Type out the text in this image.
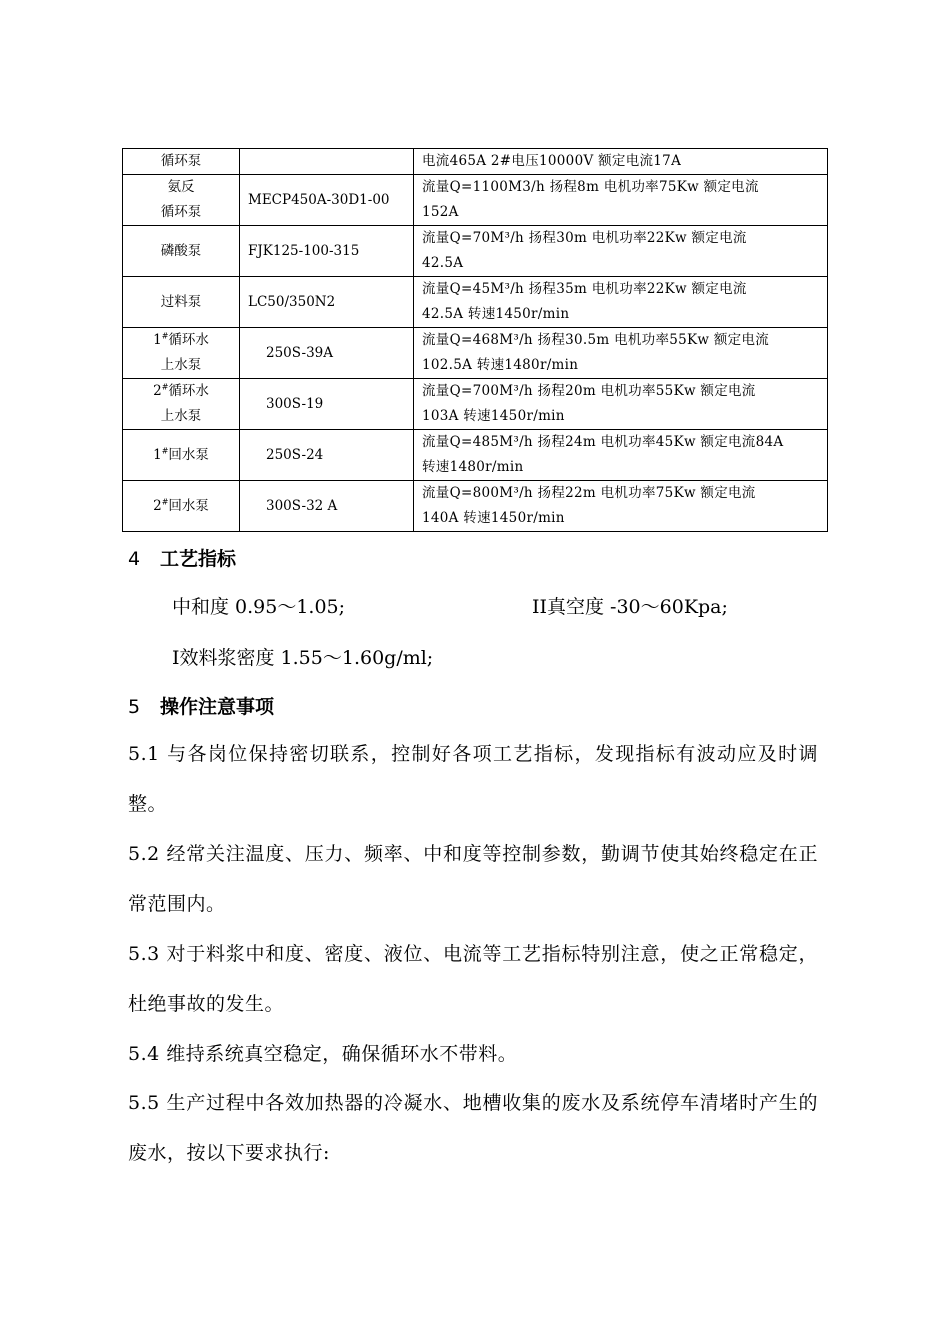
循环泵		电流465A 2#电压10000V 额定电流17A

氨反
循环泵	MECP450A-30D1-00	流量Q=1100M3/h 扬程8m 电机功率75Kw 额定电流
152A

磷酸泵	FJK125-100-315	流量Q=70M³/h 扬程30m 电机功率22Kw 额定电流
42.5A

过料泵	LC50/350N2	流量Q=45M³/h 扬程35m 电机功率22Kw 额定电流
42.5A 转速1450r/min

1#循环水
上水泵	250S-39A	流量Q=468M³/h 扬程30.5m 电机功率55Kw 额定电流
102.5A 转速1480r/min

2#循环水
上水泵	300S-19	流量Q=700M³/h 扬程20m 电机功率55Kw 额定电流
103A 转速1450r/min

1#回水泵	250S-24	流量Q=485M³/h 扬程24m 电机功率45Kw 额定电流84A
转速1480r/min

2#回水泵	300S-32 A	流量Q=800M³/h 扬程22m 电机功率75Kw 额定电流
140A 转速1450r/min
4 工艺指标
中和度 0.95～1.05;	II真空度 -30～60Kpa;
I效料浆密度 1.55～1.60g/ml;
5 操作注意事项
5.1 与各岗位保持密切联系，控制好各项工艺指标，发现指标有波动应及时调整。
5.2 经常关注温度、压力、频率、中和度等控制参数，勤调节使其始终稳定在正常范围内。
5.3 对于料浆中和度、密度、液位、电流等工艺指标特别注意，使之正常稳定，杜绝事故的发生。
5.4 维持系统真空稳定，确保循环水不带料。
5.5 生产过程中各效加热器的冷凝水、地槽收集的废水及系统停车清堵时产生的废水，按以下要求执行:
